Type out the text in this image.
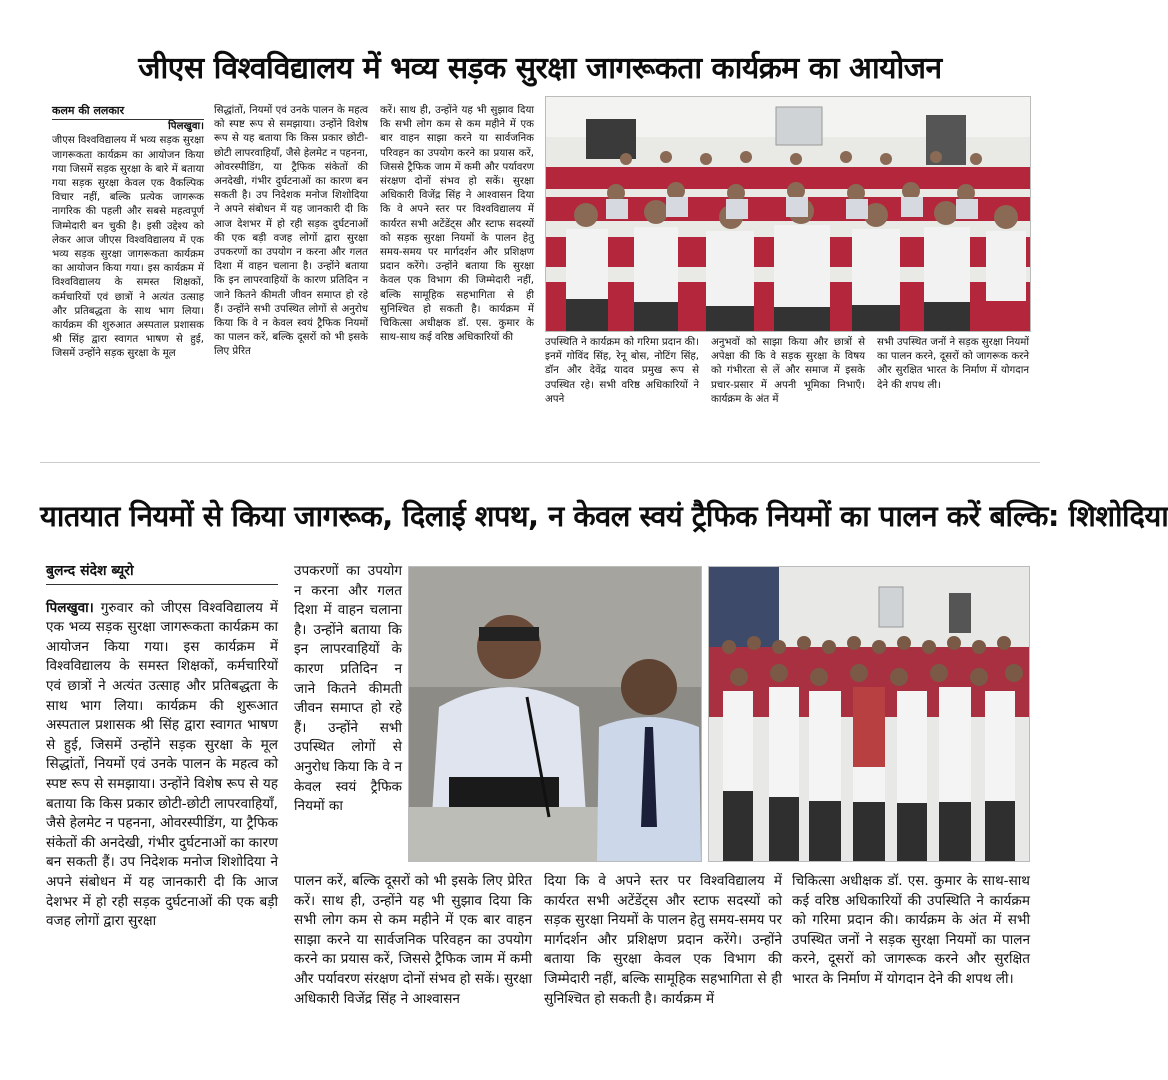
जीएस विश्वविद्यालय में भव्य सड़क सुरक्षा जागरूकता कार्यक्रम का आयोजन
कलम की ललकार
पिलखुवा।
जीएस विश्वविद्यालय में भव्य सड़क सुरक्षा जागरूकता कार्यक्रम का आयोजन किया गया जिसमें सड़क सुरक्षा के बारे में बताया गया सड़क सुरक्षा केवल एक वैकल्पिक विचार नहीं, बल्कि प्रत्येक जागरूक नागरिक की पहली और सबसे महत्वपूर्ण जिम्मेदारी बन चुकी है। इसी उद्देश्य को लेकर आज जीएस विश्वविद्यालय में एक भव्य सड़क सुरक्षा जागरूकता कार्यक्रम का आयोजन किया गया। इस कार्यक्रम में विश्वविद्यालय के समस्त शिक्षकों, कर्मचारियों एवं छात्रों ने अत्यंत उत्साह और प्रतिबद्धता के साथ भाग लिया। कार्यक्रम की शुरुआत अस्पताल प्रशासक श्री सिंह द्वारा स्वागत भाषण से हुई, जिसमें उन्होंने सड़क सुरक्षा के मूल
सिद्धांतों, नियमों एवं उनके पालन के महत्व को स्पष्ट रूप से समझाया। उन्होंने विशेष रूप से यह बताया कि किस प्रकार छोटी-छोटी लापरवाहियाँ, जैसे हेलमेट न पहनना, ओवरस्पीडिंग, या ट्रैफिक संकेतों की अनदेखी, गंभीर दुर्घटनाओं का कारण बन सकती है। उप निदेशक मनोज शिशोदिया ने अपने संबोधन में यह जानकारी दी कि आज देशभर में हो रही सड़क दुर्घटनाओं की एक बड़ी वजह लोगों द्वारा सुरक्षा उपकरणों का उपयोग न करना और गलत दिशा में वाहन चलाना है। उन्होंने बताया कि इन लापरवाहियों के कारण प्रतिदिन न जाने कितने कीमती जीवन समाप्त हो रहे हैं। उन्होंने सभी उपस्थित लोगों से अनुरोध किया कि वे न केवल स्वयं ट्रैफिक नियमों का पालन करें, बल्कि दूसरों को भी इसके लिए प्रेरित
करें। साथ ही, उन्होंने यह भी सुझाव दिया कि सभी लोग कम से कम महीने में एक बार वाहन साझा करने या सार्वजनिक परिवहन का उपयोग करने का प्रयास करें, जिससे ट्रैफिक जाम में कमी और पर्यावरण संरक्षण दोनों संभव हो सकें। सुरक्षा अधिकारी विजेंद्र सिंह ने आश्वासन दिया कि वे अपने स्तर पर विश्वविद्यालय में कार्यरत सभी अटेंडेंट्स और स्टाफ सदस्यों को सड़क सुरक्षा नियमों के पालन हेतु समय-समय पर मार्गदर्शन और प्रशिक्षण प्रदान करेंगे। उन्होंने बताया कि सुरक्षा केवल एक विभाग की जिम्मेदारी नहीं, बल्कि सामूहिक सहभागिता से ही सुनिश्चित हो सकती है। कार्यक्रम में चिकित्सा अधीक्षक डॉ. एस. कुमार के साथ-साथ कई वरिष्ठ अधिकारियों की	उपस्थिति ने कार्यक्रम को गरिमा प्रदान की। इनमें गोविंद सिंह, रेनू बोस, नोटिंग सिंह, डॉन और देवेंद्र यादव प्रमुख रूप से उपस्थित रहे। सभी वरिष्ठ अधिकारियों ने अपने
अनुभवों को साझा किया और छात्रों से अपेक्षा की कि वे सड़क सुरक्षा के विषय को गंभीरता से लें और समाज में इसके प्रचार-प्रसार में अपनी भूमिका निभाएँ। कार्यक्रम के अंत में
सभी उपस्थित जनों ने सड़क सुरक्षा नियमों का पालन करने, दूसरों को जागरूक करने और सुरक्षित भारत के निर्माण में योगदान देने की शपथ ली।
यातयात नियमों से किया जागरूक, दिलाई शपथ, न केवल स्वयं ट्रैफिक नियमों का पालन करें बल्कि: शिशोदिया
बुलन्द संदेश ब्यूरो
पिलखुवा। गुरुवार को जीएस विश्वविद्यालय में एक भव्य सड़क सुरक्षा जागरूकता कार्यक्रम का आयोजन किया गया। इस कार्यक्रम में विश्वविद्यालय के समस्त शिक्षकों, कर्मचारियों एवं छात्रों ने अत्यंत उत्साह और प्रतिबद्धता के साथ भाग लिया। कार्यक्रम की शुरूआत अस्पताल प्रशासक श्री सिंह द्वारा स्वागत भाषण से हुई, जिसमें उन्होंने सड़क सुरक्षा के मूल सिद्धांतों, नियमों एवं उनके पालन के महत्व को स्पष्ट रूप से समझाया। उन्होंने विशेष रूप से यह बताया कि किस प्रकार छोटी-छोटी लापरवाहियाँ, जैसे हेलमेट न पहनना, ओवरस्पीडिंग, या ट्रैफिक संकेतों की अनदेखी, गंभीर दुर्घटनाओं का कारण बन सकती हैं। उप निदेशक मनोज शिशोदिया ने अपने संबोधन में यह जानकारी दी कि आज देशभर में हो रही सड़क दुर्घटनाओं की एक बड़ी वजह लोगों द्वारा सुरक्षा
उपकरणों का उपयोग न करना और गलत दिशा में वाहन चलाना है। उन्होंने बताया कि इन लापरवाहियों के कारण प्रतिदिन न जाने कितने कीमती जीवन समाप्त हो रहे हैं। उन्होंने सभी उपस्थित लोगों से अनुरोध किया कि वे न केवल स्वयं ट्रैफिक नियमों का
पालन करें, बल्कि दूसरों को भी इसके लिए प्रेरित करें। साथ ही, उन्होंने यह भी सुझाव दिया कि सभी लोग कम से कम महीने में एक बार वाहन साझा करने या सार्वजनिक परिवहन का उपयोग करने का प्रयास करें, जिससे ट्रैफिक जाम में कमी और पर्यावरण संरक्षण दोनों संभव हो सकें। सुरक्षा अधिकारी विजेंद्र सिंह ने आश्वासन
दिया कि वे अपने स्तर पर विश्वविद्यालय में कार्यरत सभी अटेंडेंट्स और स्टाफ सदस्यों को सड़क सुरक्षा नियमों के पालन हेतु समय-समय पर मार्गदर्शन और प्रशिक्षण प्रदान करेंगे। उन्होंने बताया कि सुरक्षा केवल एक विभाग की जिम्मेदारी नहीं, बल्कि सामूहिक सहभागिता से ही सुनिश्चित हो सकती है। कार्यक्रम में
चिकित्सा अधीक्षक डॉ. एस. कुमार के साथ-साथ कई वरिष्ठ अधिकारियों की उपस्थिति ने कार्यक्रम को गरिमा प्रदान की। कार्यक्रम के अंत में सभी उपस्थित जनों ने सड़क सुरक्षा नियमों का पालन करने, दूसरों को जागरूक करने और सुरक्षित भारत के निर्माण में योगदान देने की शपथ ली।
